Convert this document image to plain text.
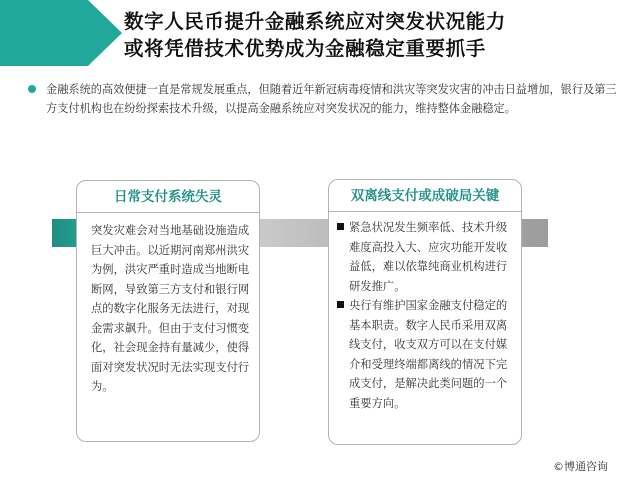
数字人民币提升金融系统应对突发状况能力
或将凭借技术优势成为金融稳定重要抓手
金融系统的高效便捷一直是常规发展重点，但随着近年新冠病毒疫情和洪灾等突发灾害的冲击日益增加，银行及第三方支付机构也在纷纷探索技术升级，以提高金融系统应对突发状况的能力，维持整体金融稳定。
日常支付系统失灵
突发灾难会对当地基础设施造成巨大冲击。以近期河南郑州洪灾为例，洪灾严重时造成当地断电断网，导致第三方支付和银行网点的数字化服务无法进行，对现金需求飙升。但由于支付习惯变化，社会现金持有量减少，使得面对突发状况时无法实现支付行为。
双离线支付或成破局关键
紧急状况发生频率低、技术升级难度高投入大、应灾功能开发收益低，难以依靠纯商业机构进行研发推广。
央行有维护国家金融支付稳定的基本职责。数字人民币采用双离线支付，收支双方可以在支付媒介和受理终端都离线的情况下完成支付，是解决此类问题的一个重要方向。
©博通咨询
